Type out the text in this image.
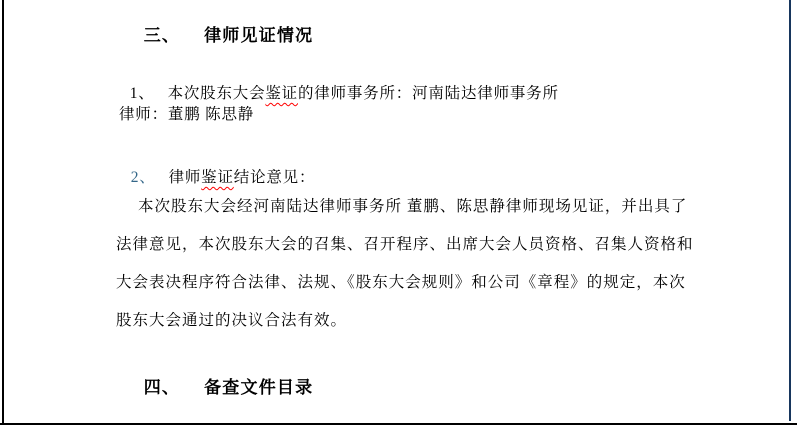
三、 律师见证情况

1、 本次股东大会鉴证的律师事务所：河南陆达律师事务所

律师：董鹏 陈思静

2、 律师鉴证结论意见：

本次股东大会经河南陆达律师事务所 董鹏、陈思静律师现场见证，并出具了
法律意见，本次股东大会的召集、召开程序、出席大会人员资格、召集人资格和
大会表决程序符合法律、法规、《股东大会规则》和公司《章程》的规定，本次
股东大会通过的决议合法有效。

四、 备查文件目录
